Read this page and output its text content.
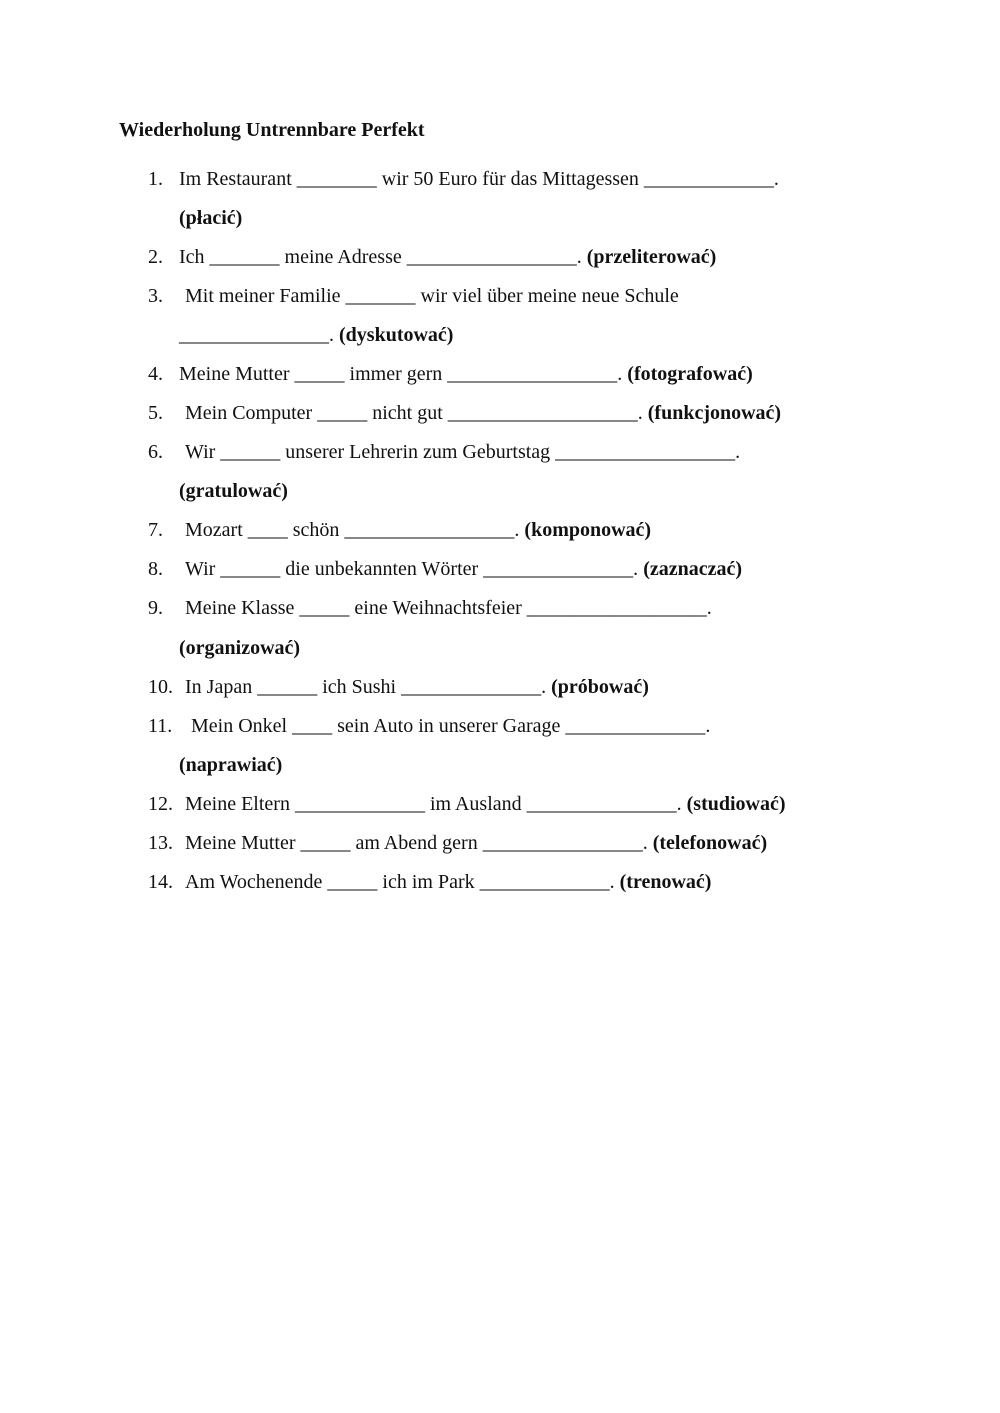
Wiederholung Untrennbare Perfekt
1. Im Restaurant ________ wir 50 Euro für das Mittagessen _____________.
(płacić)
2. Ich _______ meine Adresse _________________. (przeliterować)
3. Mit meiner Familie _______ wir viel über meine neue Schule
_______________. (dyskutować)
4. Meine Mutter _____ immer gern _________________. (fotografować)
5. Mein Computer _____ nicht gut ___________________. (funkcjonować)
6. Wir ______ unserer Lehrerin zum Geburtstag __________________.
(gratulować)
7. Mozart ____ schön _________________. (komponować)
8. Wir ______ die unbekannten Wörter _______________. (zaznaczać)
9. Meine Klasse _____ eine Weihnachtsfeier __________________.
(organizować)
10. In Japan ______ ich Sushi ______________. (próbować)
11. Mein Onkel ____ sein Auto in unserer Garage ______________.
(naprawiać)
12. Meine Eltern _____________ im Ausland _______________. (studiować)
13. Meine Mutter _____ am Abend gern ________________. (telefonować)
14. Am Wochenende _____ ich im Park _____________. (trenować)
